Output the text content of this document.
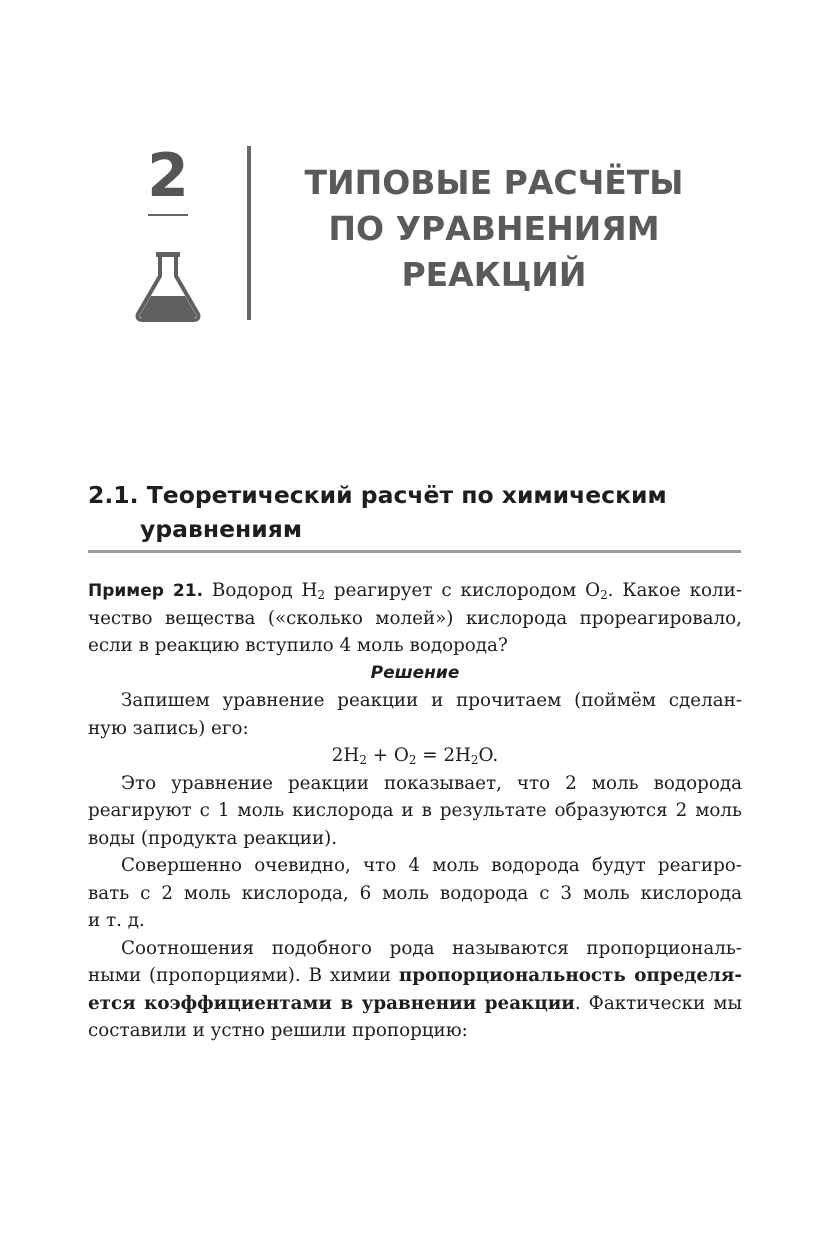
2	ТИПОВЫЕ РАСЧЁТЫ
ПО УРАВНЕНИЯМ
РЕАКЦИЙ
2.1. Теоретический расчёт по химическим
уравнениям
Пример 21. Водород $H_2$ реагирует с кислородом $O_2$. Какое коли-
чество вещества («сколько молей») кислорода прореагировало,
если в реакцию вступило 4 моль водорода?
Решение
Запишем уравнение реакции и прочитаем (поймём сделан-
ную запись) его:
$2H_2 + O_2 = 2H_2O$.
Это уравнение реакции показывает, что 2 моль водорода
реагируют с 1 моль кислорода и в результате образуются 2 моль
воды (продукта реакции).
Совершенно очевидно, что 4 моль водорода будут реагиро-
вать с 2 моль кислорода, 6 моль водорода с 3 моль кислорода
и т. д.
Соотношения подобного рода называются пропорциональ-
ными (пропорциями). В химии пропорциональность определя-
ется коэффициентами в уравнении реакции. Фактически мы
составили и устно решили пропорцию:
